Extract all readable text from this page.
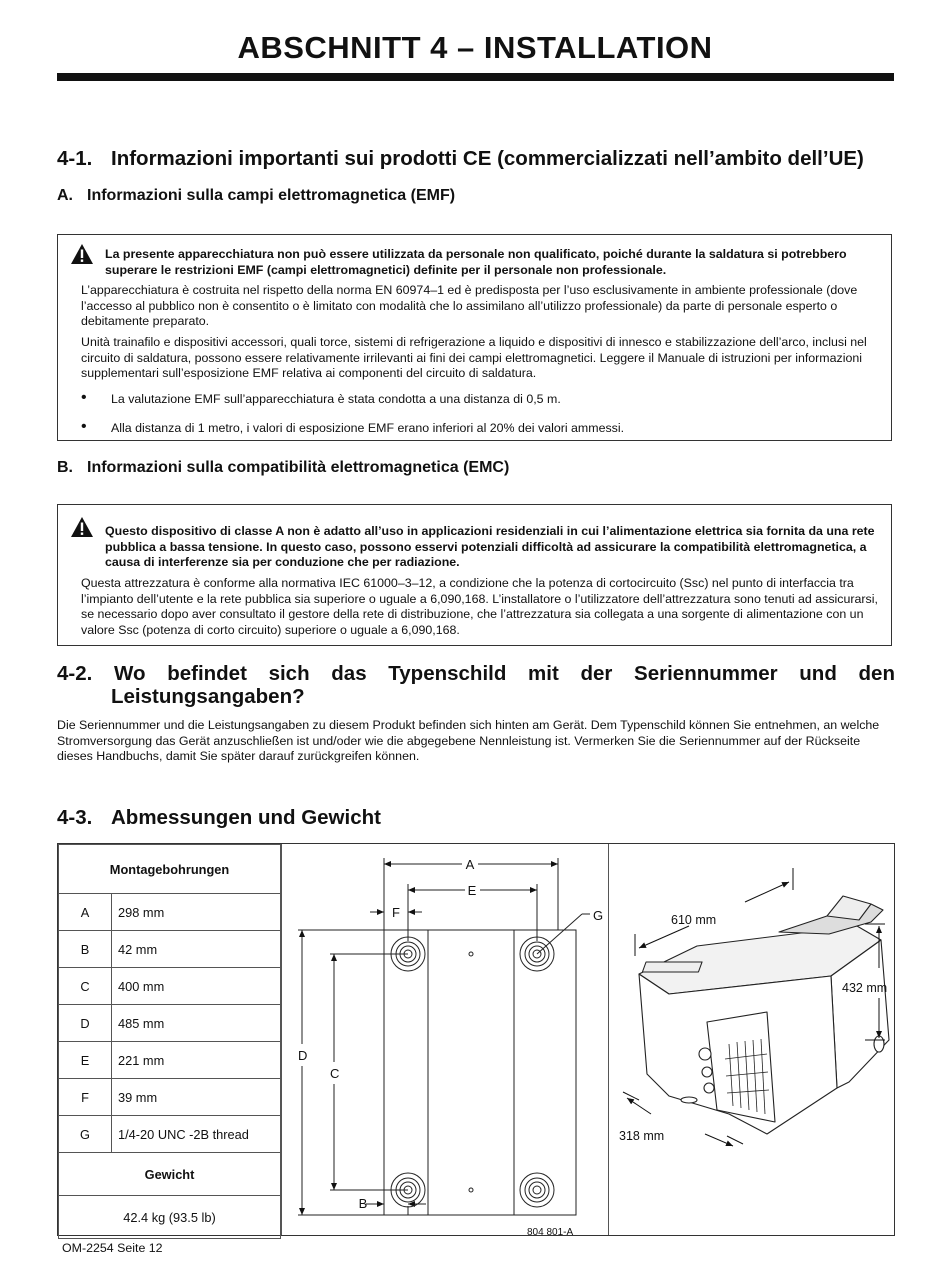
ABSCHNITT 4 – INSTALLATION
4-1. Informazioni importanti sui prodotti CE (commercializzati nell’ambito dell’UE)
A. Informazioni sulla campi elettromagnetica (EMF)
La presente apparecchiatura non può essere utilizzata da personale non qualificato, poiché durante la saldatura si potrebbero superare le restrizioni EMF (campi elettromagnetici) definite per il personale non professionale.
L’apparecchiatura è costruita nel rispetto della norma EN 60974–1 ed è predisposta per l’uso esclusivamente in ambiente professionale (dove l’accesso al pubblico non è consentito o è limitato con modalità che lo assimilano all’utilizzo professionale) da parte di personale esperto o debitamente preparato.
Unità trainafilo e dispositivi accessori, quali torce, sistemi di refrigerazione a liquido e dispositivi di innesco e stabilizzazione dell’arco, inclusi nel circuito di saldatura, possono essere relativamente irrilevanti ai fini dei campi elettromagnetici. Leggere il Manuale di istruzioni per informazioni supplementari sull’esposizione EMF relativa ai componenti del circuito di saldatura.
• La valutazione EMF sull’apparecchiatura è stata condotta a una distanza di 0,5 m.
• Alla distanza di 1 metro, i valori di esposizione EMF erano inferiori al 20% dei valori ammessi.
B. Informazioni sulla compatibilità elettromagnetica (EMC)
Questo dispositivo di classe A non è adatto all’uso in applicazioni residenziali in cui l’alimentazione elettrica sia fornita da una rete pubblica a bassa tensione. In questo caso, possono esservi potenziali difficoltà ad assicurare la compatibilità elettromagnetica, a causa di interferenze sia per conduzione che per radiazione.
Questa attrezzatura è conforme alla normativa IEC 61000–3–12, a condizione che la potenza di cortocircuito (Ssc) nel punto di interfaccia tra l’impianto dell’utente e la rete pubblica sia superiore o uguale a 6,090,168. L’installatore o l’utilizzatore dell’attrezzatura sono tenuti ad assicurarsi, se necessario dopo aver consultato il gestore della rete di distribuzione, che l’attrezzatura sia collegata a una sorgente di alimentazione con un valore Ssc (potenza di corto circuito) superiore o uguale a 6,090,168.
4-2. Wo befindet sich das Typenschild mit der Seriennummer und den
Leistungsangaben?
Die Seriennummer und die Leistungsangaben zu diesem Produkt befinden sich hinten am Gerät. Dem Typenschild können Sie entnehmen, an welche Stromversorgung das Gerät anzuschließen ist und/oder wie die abgegebene Nennleistung ist. Vermerken Sie die Seriennummer auf der Rückseite dieses Handbuchs, damit Sie später darauf zurückgreifen können.
4-3. Abmessungen und Gewicht
Montagebohrungen	
A	298 mm
B	42 mm
C	400 mm
D	485 mm
E	221 mm
F	39 mm
G	1/4-20 UNC -2B thread
Gewicht	
42.4 kg (93.5 lb)	
A
E
F	G
D
C
B
804 801-A
610 mm
432 mm
318 mm
OM-2254 Seite 12
